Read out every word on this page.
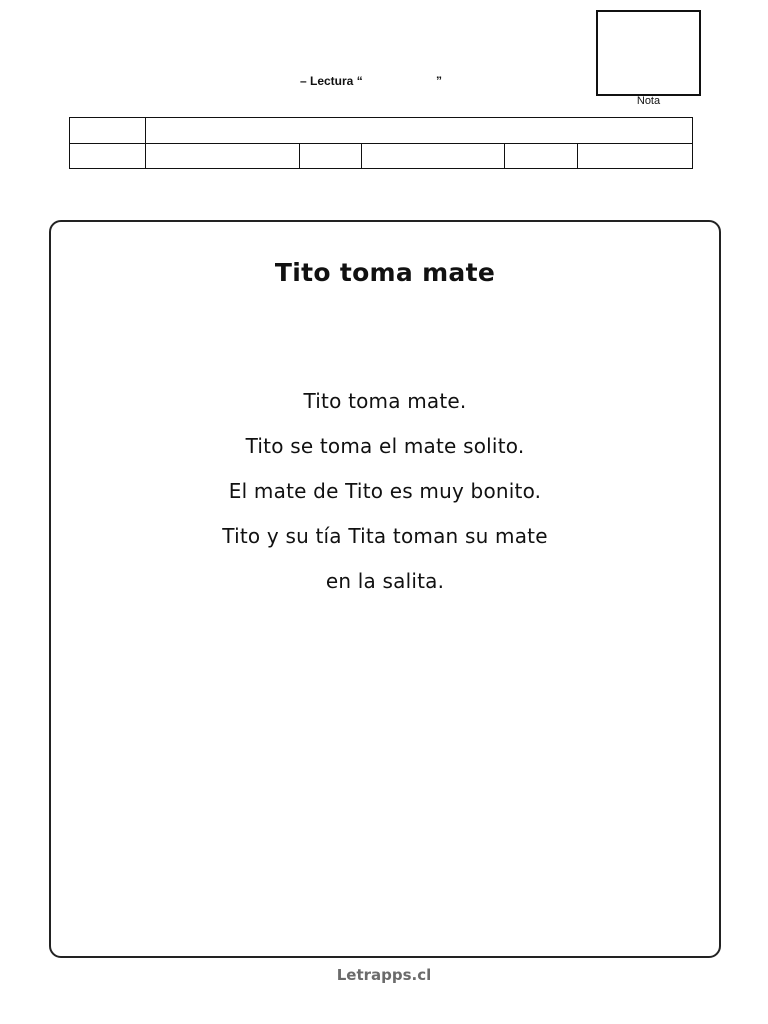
– Lectura “                      ”
Nota
Tito toma mate
Tito toma mate.
Tito se toma el mate solito.
El mate de Tito es muy bonito.
Tito y su tía Tita toman su mate
en la salita.
Letrapps.cl
